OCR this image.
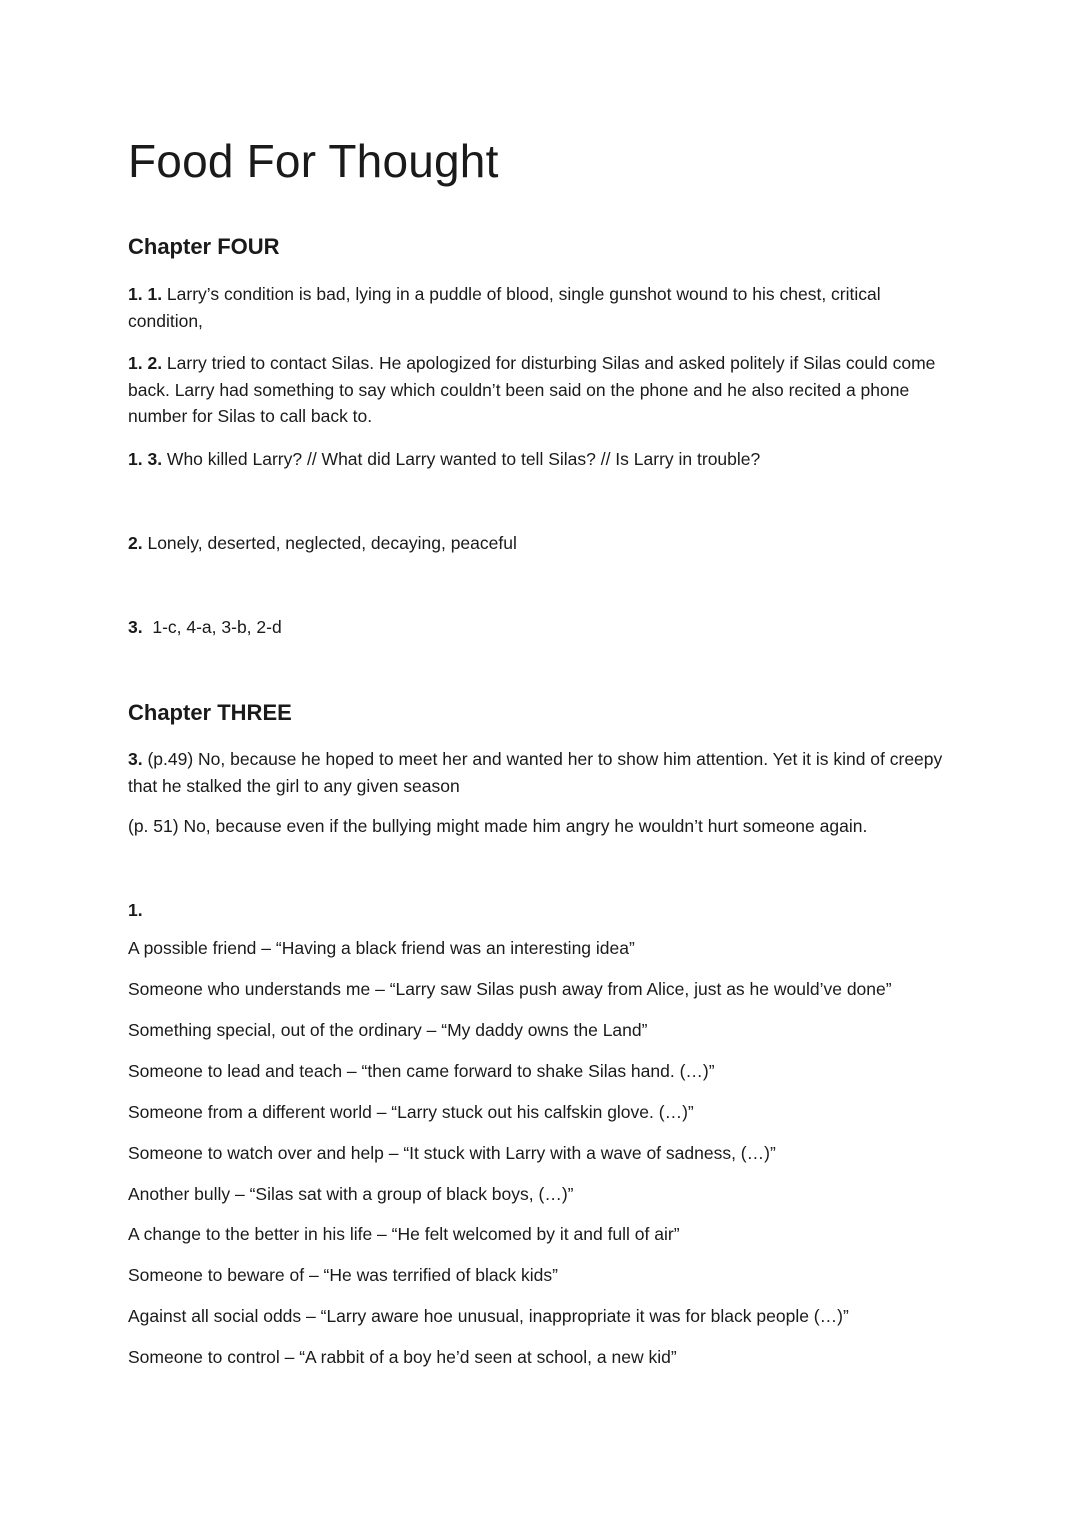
Food For Thought
Chapter FOUR
1. 1. Larry’s condition is bad, lying in a puddle of blood, single gunshot wound to his chest, critical condition,
1. 2. Larry tried to contact Silas. He apologized for disturbing Silas and asked politely if Silas could come back. Larry had something to say which couldn’t been said on the phone and he also recited a phone number for Silas to call back to.
1. 3. Who killed Larry? // What did Larry wanted to tell Silas? // Is Larry in trouble?
2. Lonely, deserted, neglected, decaying, peaceful
3.  1-c, 4-a, 3-b, 2-d
Chapter THREE
3. (p.49) No, because he hoped to meet her and wanted her to show him attention. Yet it is kind of creepy that he stalked the girl to any given season
(p. 51) No, because even if the bullying might made him angry he wouldn’t hurt someone again.
1.
A possible friend – “Having a black friend was an interesting idea”
Someone who understands me – “Larry saw Silas push away from Alice, just as he would’ve done”
Something special, out of the ordinary – “My daddy owns the Land”
Someone to lead and teach – “then came forward to shake Silas hand. (…)”
Someone from a different world – “Larry stuck out his calfskin glove. (…)”
Someone to watch over and help – “It stuck with Larry with a wave of sadness, (…)”
Another bully – “Silas sat with a group of black boys, (…)”
A change to the better in his life – “He felt welcomed by it and full of air”
Someone to beware of – “He was terrified of black kids”
Against all social odds – “Larry aware hoe unusual, inappropriate it was for black people (…)”
Someone to control – “A rabbit of a boy he’d seen at school, a new kid”
